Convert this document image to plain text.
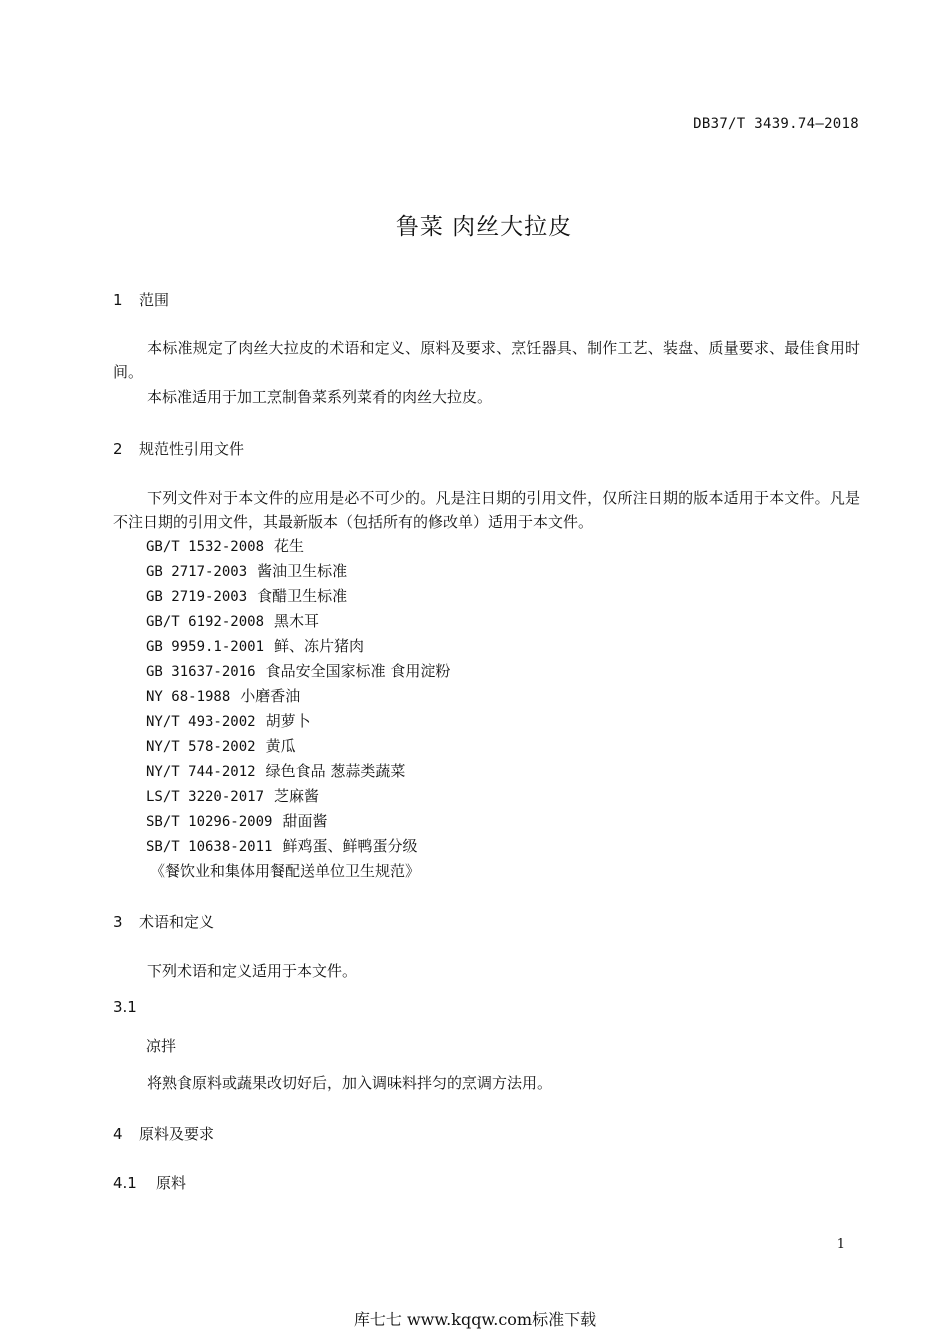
DB37/T 3439.74—2018
鲁菜 肉丝大拉皮
1 范围
本标准规定了肉丝大拉皮的术语和定义、原料及要求、烹饪器具、制作工艺、装盘、质量要求、最佳食用时间。
本标准适用于加工烹制鲁菜系列菜肴的肉丝大拉皮。
2 规范性引用文件
下列文件对于本文件的应用是必不可少的。凡是注日期的引用文件，仅所注日期的版本适用于本文件。凡是不注日期的引用文件，其最新版本（包括所有的修改单）适用于本文件。
GB/T 1532-2008 花生
GB 2717-2003 酱油卫生标准
GB 2719-2003 食醋卫生标准
GB/T 6192-2008 黑木耳
GB 9959.1-2001 鲜、冻片猪肉
GB 31637-2016 食品安全国家标准 食用淀粉
NY 68-1988 小磨香油
NY/T 493-2002 胡萝卜
NY/T 578-2002 黄瓜
NY/T 744-2012 绿色食品 葱蒜类蔬菜
LS/T 3220-2017 芝麻酱
SB/T 10296-2009 甜面酱
SB/T 10638-2011 鲜鸡蛋、鲜鸭蛋分级
《餐饮业和集体用餐配送单位卫生规范》
3 术语和定义
下列术语和定义适用于本文件。
3.1
凉拌
将熟食原料或蔬果改切好后，加入调味料拌匀的烹调方法用。
4 原料及要求
4.1 原料
1
库七七 www.kqqw.com标准下载
